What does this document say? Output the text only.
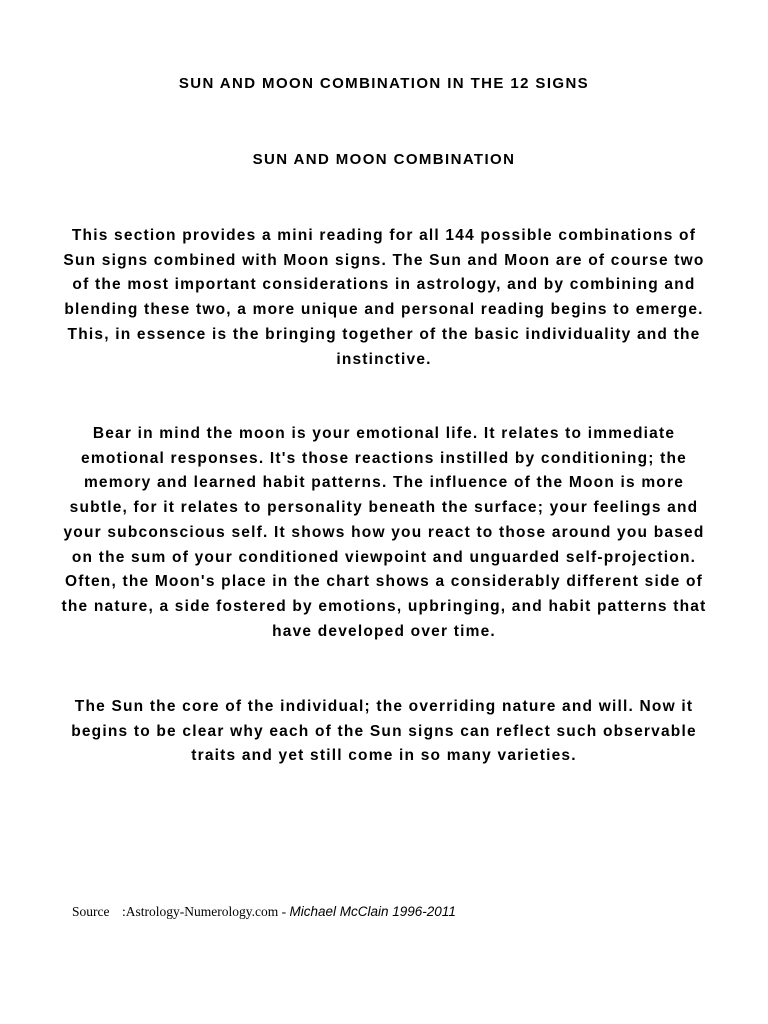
SUN AND MOON COMBINATION IN THE 12 SIGNS
SUN AND MOON COMBINATION

This section provides a mini reading for all 144 possible combinations of Sun signs combined with Moon signs. The Sun and Moon are of course two of the most important considerations in astrology, and by combining and blending these two, a more unique and personal reading begins to emerge. This, in essence is the bringing together of the basic individuality and the instinctive.

Bear in mind the moon is your emotional life. It relates to immediate emotional responses. It's those reactions instilled by conditioning; the memory and learned habit patterns. The influence of the Moon is more subtle, for it relates to personality beneath the surface; your feelings and your subconscious self. It shows how you react to those around you based on the sum of your conditioned viewpoint and unguarded self-projection. Often, the Moon's place in the chart shows a considerably different side of the nature, a side fostered by emotions, upbringing, and habit patterns that have developed over time.

The Sun the core of the individual; the overriding nature and will. Now it begins to be clear why each of the Sun signs can reflect such observable traits and yet still come in so many varieties.

Source :Astrology-Numerology.com - Michael McClain 1996-2011
